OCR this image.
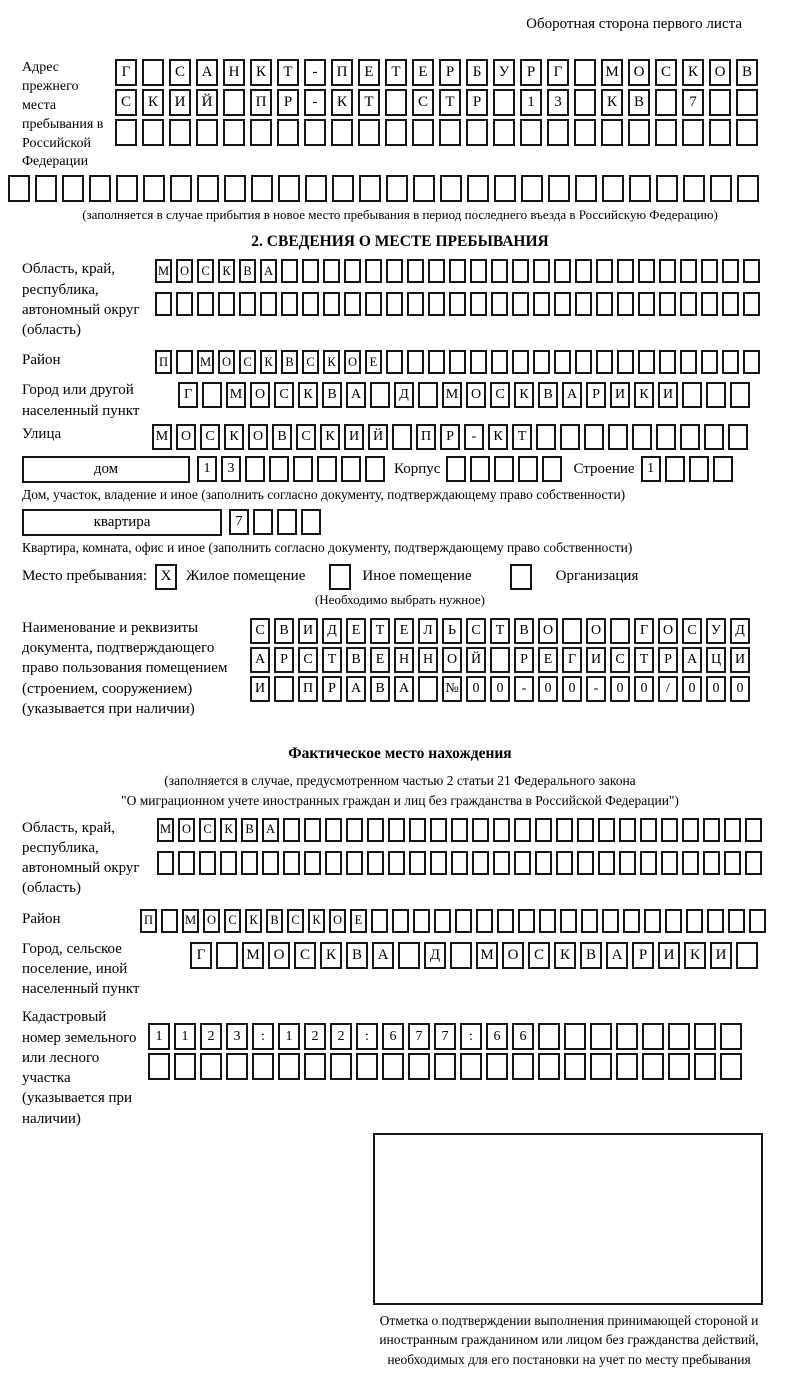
Оборотная сторона первого листа
Адрес прежнего места пребывания в Российской Федерации
Г	С	А	Н	К	Т	-	П	Е	Т	Е	Р	Б	У	Р	Г	М О	С	К	О	В
С	К	И	Й	П	Р	-	К	Т	С	Т	Р	1	3	К	В	7
(заполняется в случае прибытия в новое место пребывания в период последнего въезда в Российскую Федерацию)
2. СВЕДЕНИЯ О МЕСТЕ ПРЕБЫВАНИЯ
Область, край, республика, автономный округ (область)
М О С	К	В А
Район	П	М О С	К	В	С	К О	Е
Город или другой населенный пункт
Г	М О	С	К	В	А	Д	М О	С	К	В	А	Р	И	К	И
Улица	М О	С	К	О	В	С	К	И Й	П	Р	-	К	Т
дом	1	3	Корпус	Строение 1
Дом, участок, владение и иное (заполнить согласно документу, подтверждающему право собственности)
квартира	7
Квартира, комната, офис и иное (заполнить согласно документу, подтверждающему право собственности)
Место пребывания: X Жилое помещение	Иное помещение	Организация
(Необходимо выбрать нужное)
Наименование и реквизиты документа, подтверждающего право пользования помещением (строением, сооружением) (указывается при наличии)
С	В	И	Д	Е	Т	Е	Л	Ь	С	Т	В	О	О	Г	О	С	У	Д
А	Р	С	Т	В	Е	Н Н О Й	Р	Е	Г	И	С	Т	Р	А Ц И
И	П	Р	А	В	А	№ 0	0	-	0	0	-	0	0	/	0	0	0
Фактическое место нахождения
(заполняется в случае, предусмотренном частью 2 статьи 21 Федерального закона
"О миграционном учете иностранных граждан и лиц без гражданства в Российской Федерации")
Область, край, республика, автономный округ (область)
М О С	К	В А
Район	П	М О С	К	В	С	К О	Е
Город, сельское поселение, иной населенный пункт
Г	М О	С	К	В	А	Д	М О	С	К	В	А	Р	И	К	И
Кадастровый номер земельного или лесного участка (указывается при наличии)
1	1	2	3	:	1	2	2	:	6	7	7	:	6	6
Отметка о подтверждении выполнения принимающей стороной и иностранным гражданином или лицом без гражданства действий, необходимых для его постановки на учет по месту пребывания
